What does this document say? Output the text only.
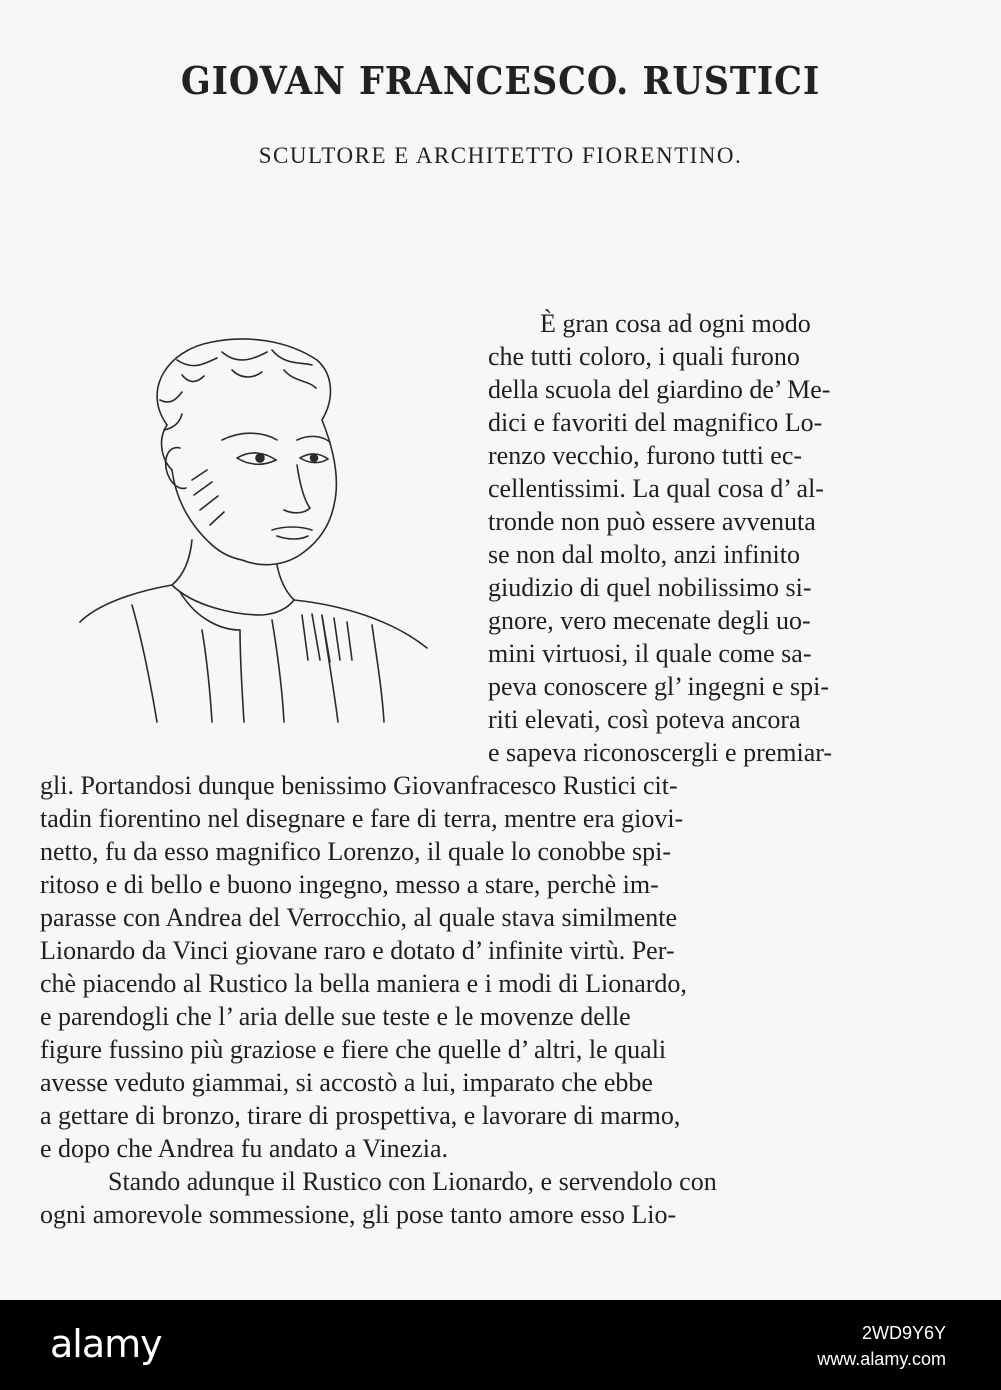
GIOVAN FRANCESCO. RUSTICI
SCULTORE E ARCHITETTO FIORENTINO.
È gran cosa ad ogni modo
che tutti coloro, i quali furono
della scuola del giardino de’ Me-
dici e favoriti del magnifico Lo-
renzo vecchio, furono tutti ec-
cellentissimi. La qual cosa d’ al-
tronde non può essere avvenuta
se non dal molto, anzi infinito
giudizio di quel nobilissimo si-
gnore, vero mecenate degli uo-
mini virtuosi, il quale come sa-
peva conoscere gl’ ingegni e spi-
riti elevati, così poteva ancora
e sapeva riconoscergli e premiar-
gli. Portandosi dunque benissimo Giovanfracesco Rustici cit-
tadin fiorentino nel disegnare e fare di terra, mentre era giovi-
netto, fu da esso magnifico Lorenzo, il quale lo conobbe spi-
ritoso e di bello e buono ingegno, messo a stare, perchè im-
parasse con Andrea del Verrocchio, al quale stava similmente
Lionardo da Vinci giovane raro e dotato d’ infinite virtù. Per-
chè piacendo al Rustico la bella maniera e i modi di Lionardo,
e parendogli che l’ aria delle sue teste e le movenze delle
figure fussino più graziose e fiere che quelle d’ altri, le quali
avesse veduto giammai, si accostò a lui, imparato che ebbe
a gettare di bronzo, tirare di prospettiva, e lavorare di marmo,
e dopo che Andrea fu andato a Vinezia.
Stando adunque il Rustico con Lionardo, e servendolo con
ogni amorevole sommessione, gli pose tanto amore esso Lio-
alamy	2WD9Y6Y
www.alamy.com
